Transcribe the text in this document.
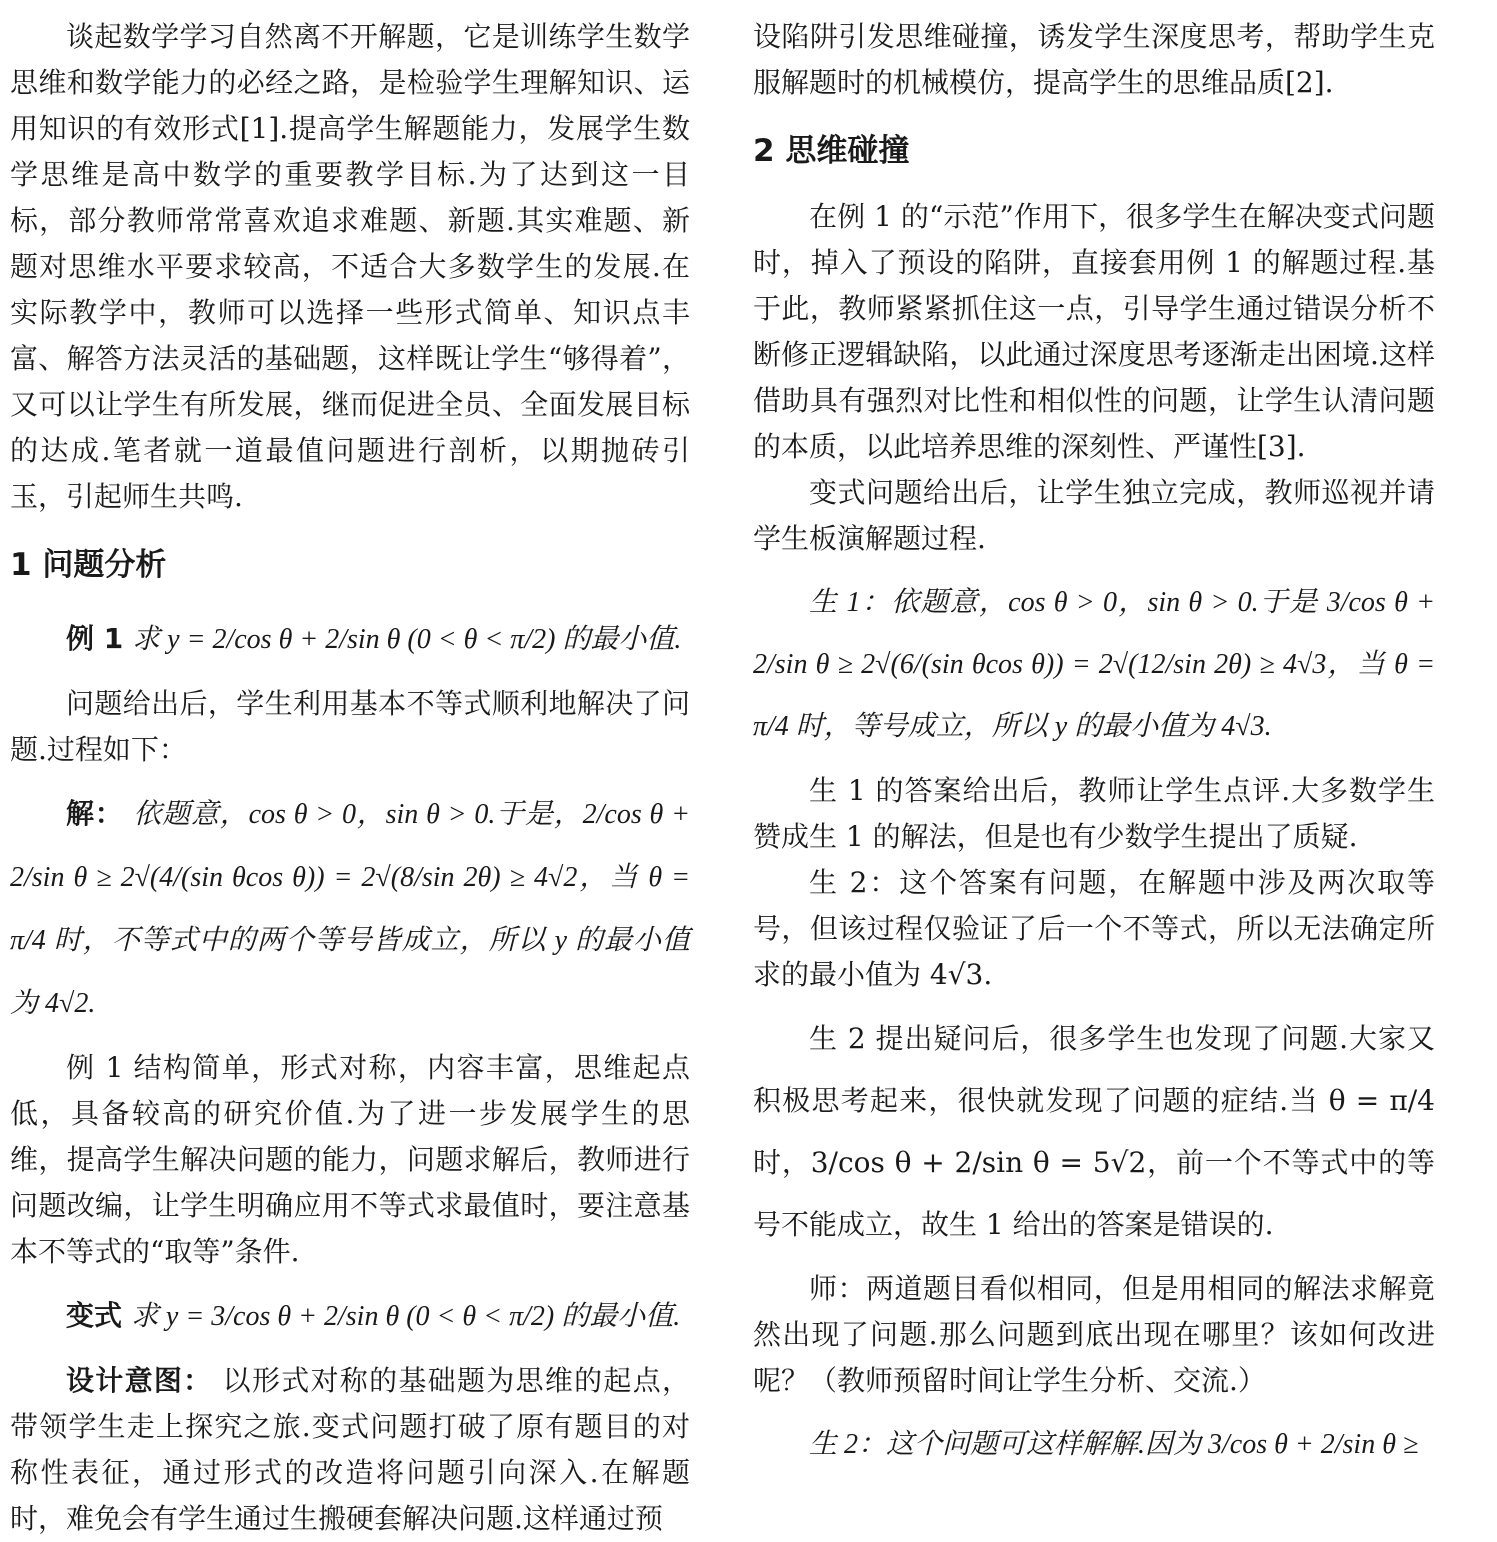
谈起数学学习自然离不开解题，它是训练学生数学思维和数学能力的必经之路，是检验学生理解知识、运用知识的有效形式[1].提高学生解题能力，发展学生数学思维是高中数学的重要教学目标.为了达到这一目标，部分教师常常喜欢追求难题、新题.其实难题、新题对思维水平要求较高，不适合大多数学生的发展.在实际教学中，教师可以选择一些形式简单、知识点丰富、解答方法灵活的基础题，这样既让学生“够得着”，又可以让学生有所发展，继而促进全员、全面发展目标的达成.笔者就一道最值问题进行剖析，以期抛砖引玉，引起师生共鸣.

1 问题分析

例 1 求 y = 2/cos θ + 2/sin θ (0 < θ < π/2) 的最小值.

问题给出后，学生利用基本不等式顺利地解决了问题.过程如下：

解： 依题意，cos θ > 0，sin θ > 0.于是，2/cos θ + 2/sin θ ≥ 2√(4/(sin θcos θ)) = 2√(8/sin 2θ) ≥ 4√2，当 θ = π/4 时，不等式中的两个等号皆成立，所以 y 的最小值为 4√2.

例 1 结构简单，形式对称，内容丰富，思维起点低，具备较高的研究价值.为了进一步发展学生的思维，提高学生解决问题的能力，问题求解后，教师进行问题改编，让学生明确应用不等式求最值时，要注意基本不等式的“取等”条件.

变式 求 y = 3/cos θ + 2/sin θ (0 < θ < π/2) 的最小值.

设计意图： 以形式对称的基础题为思维的起点，带领学生走上探究之旅.变式问题打破了原有题目的对称性表征，通过形式的改造将问题引向深入.在解题时，难免会有学生通过生搬硬套解决问题.这样通过预

设陷阱引发思维碰撞，诱发学生深度思考，帮助学生克服解题时的机械模仿，提高学生的思维品质[2].

2 思维碰撞

在例 1 的“示范”作用下，很多学生在解决变式问题时，掉入了预设的陷阱，直接套用例 1 的解题过程.基于此，教师紧紧抓住这一点，引导学生通过错误分析不断修正逻辑缺陷，以此通过深度思考逐渐走出困境.这样借助具有强烈对比性和相似性的问题，让学生认清问题的本质，以此培养思维的深刻性、严谨性[3].

变式问题给出后，让学生独立完成，教师巡视并请学生板演解题过程.

生 1：依题意，cos θ > 0，sin θ > 0.于是 3/cos θ + 2/sin θ ≥ 2√(6/(sin θcos θ)) = 2√(12/sin 2θ) ≥ 4√3，当 θ = π/4 时，等号成立，所以 y 的最小值为 4√3.

生 1 的答案给出后，教师让学生点评.大多数学生赞成生 1 的解法，但是也有少数学生提出了质疑.

生 2：这个答案有问题，在解题中涉及两次取等号，但该过程仅验证了后一个不等式，所以无法确定所求的最小值为 4√3.

生 2 提出疑问后，很多学生也发现了问题.大家又积极思考起来，很快就发现了问题的症结.当 θ = π/4 时，3/cos θ + 2/sin θ = 5√2，前一个不等式中的等号不能成立，故生 1 给出的答案是错误的.

师：两道题目看似相同，但是用相同的解法求解竟然出现了问题.那么问题到底出现在哪里？该如何改进呢？（教师预留时间让学生分析、交流.）

生 2：这个问题可这样解解.因为 3/cos θ + 2/sin θ ≥
